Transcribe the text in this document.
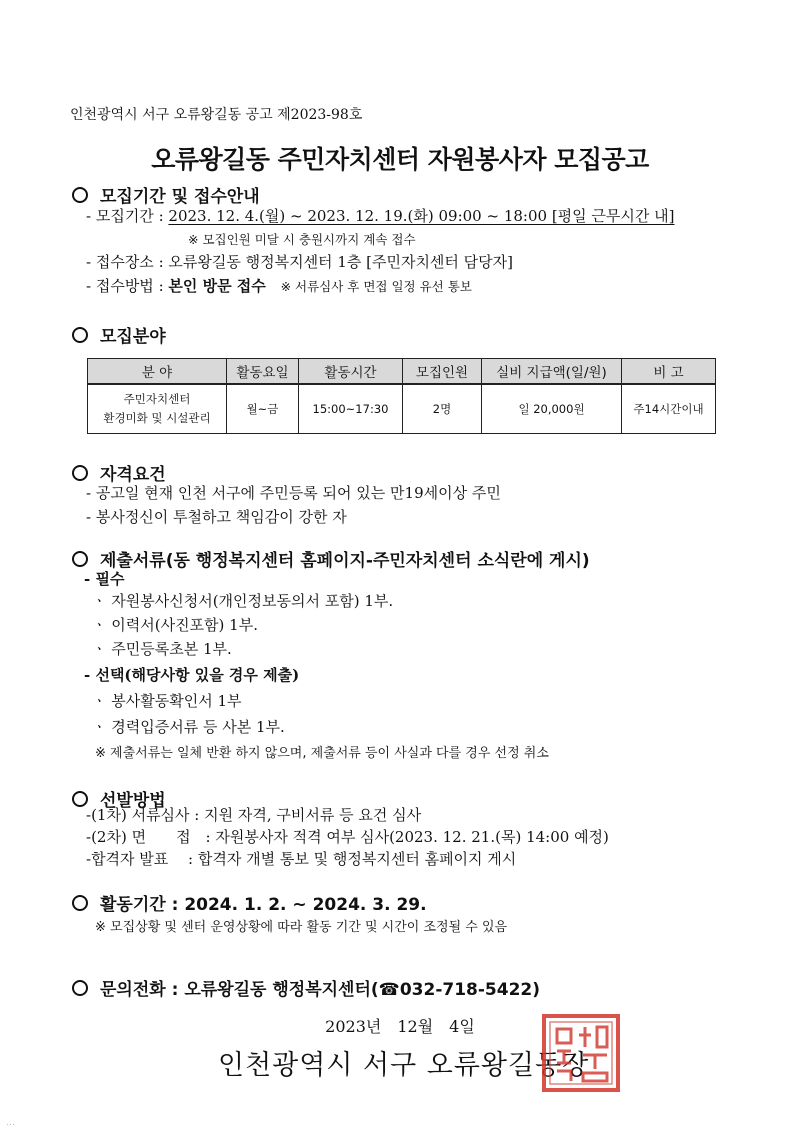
인천광역시 서구 오류왕길동 공고 제2023-98호
오류왕길동 주민자치센터 자원봉사자 모집공고
모집기간 및 접수안내
- 모집기간 : 2023. 12. 4.(월) ~ 2023. 12. 19.(화) 09:00 ~ 18:00 [평일 근무시간 내]
※ 모집인원 미달 시 충원시까지 계속 접수
- 접수장소 : 오류왕길동 행정복지센터 1층 [주민자치센터 담당자]
- 접수방법 : 본인 방문 접수 ※ 서류심사 후 면접 일정 유선 통보
모집분야
분 야	활동요일	활동시간	모집인원	실비 지급액(일/원)	비 고

주민자치센터
환경미화 및 시설관리	월~금	15:00~17:30	2명	일 20,000원	주14시간이내
자격요건
- 공고일 현재 인천 서구에 주민등록 되어 있는 만19세이상 주민
- 봉사정신이 투철하고 책임감이 강한 자
제출서류(동 행정복지센터 홈페이지-주민자치센터 소식란에 게시)
- 필수
ㆍ 자원봉사신청서(개인정보동의서 포함) 1부.
ㆍ 이력서(사진포함) 1부.
ㆍ 주민등록초본 1부.
- 선택(해당사항 있을 경우 제출)
ㆍ 봉사활동확인서 1부
ㆍ 경력입증서류 등 사본 1부.
※ 제출서류는 일체 반환 하지 않으며, 제출서류 등이 사실과 다를 경우 선정 취소
선발방법
-(1차) 서류심사 : 지원 자격, 구비서류 등 요건 심사
-(2차) 면　　접　: 자원봉사자 적격 여부 심사(2023. 12. 21.(목) 14:00 예정)
-합격자 발표　 : 합격자 개별 통보 및 행정복지센터 홈페이지 게시
활동기간 : 2024. 1. 2. ~ 2024. 3. 29.
※ 모집상황 및 센터 운영상황에 따라 활동 기간 및 시간이 조정될 수 있음
문의전화 : 오류왕길동 행정복지센터(☎032-718-5422)
2023년　12월　4일
인천광역시 서구 오류왕길동장
…
